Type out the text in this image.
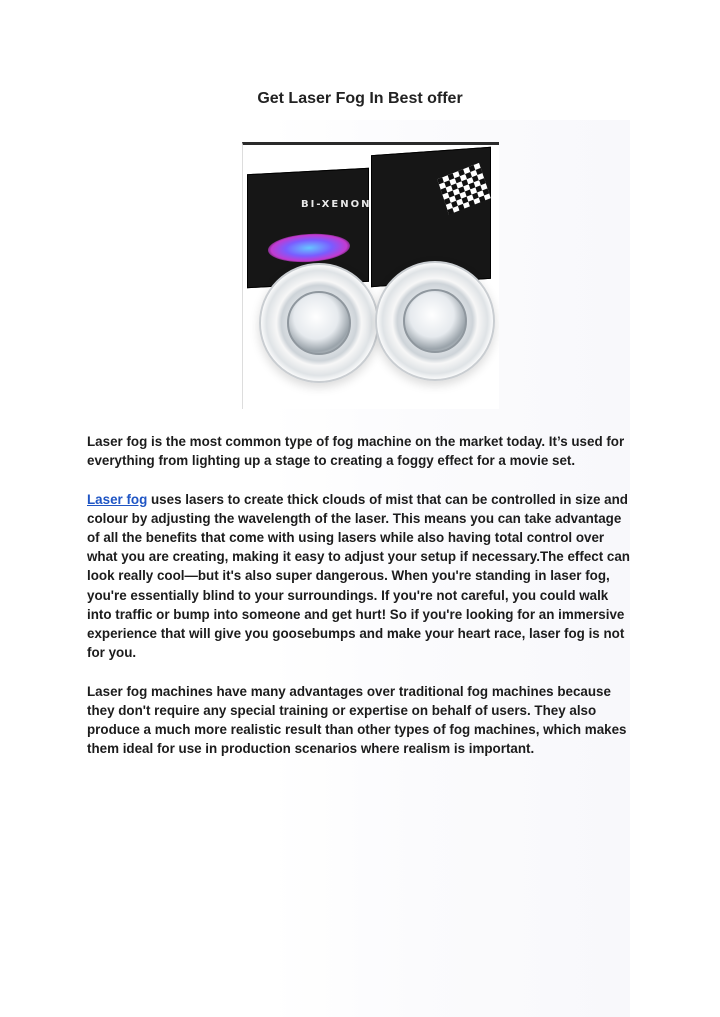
Get Laser Fog In Best offer
BI-XENON

Laser fog is the most common type of fog machine on the market today. It’s used for everything from lighting up a stage to creating a foggy effect for a movie set.

Laser fog uses lasers to create thick clouds of mist that can be controlled in size and colour by adjusting the wavelength of the laser. This means you can take advantage of all the benefits that come with using lasers while also having total control over what you are creating, making it easy to adjust your setup if necessary.The effect can look really cool—but it's also super dangerous. When you're standing in laser fog, you're essentially blind to your surroundings. If you're not careful, you could walk into traffic or bump into someone and get hurt! So if you're looking for an immersive experience that will give you goosebumps and make your heart race, laser fog is not for you.

Laser fog machines have many advantages over traditional fog machines because they don't require any special training or expertise on behalf of users. They also produce a much more realistic result than other types of fog machines, which makes them ideal for use in production scenarios where realism is important.
